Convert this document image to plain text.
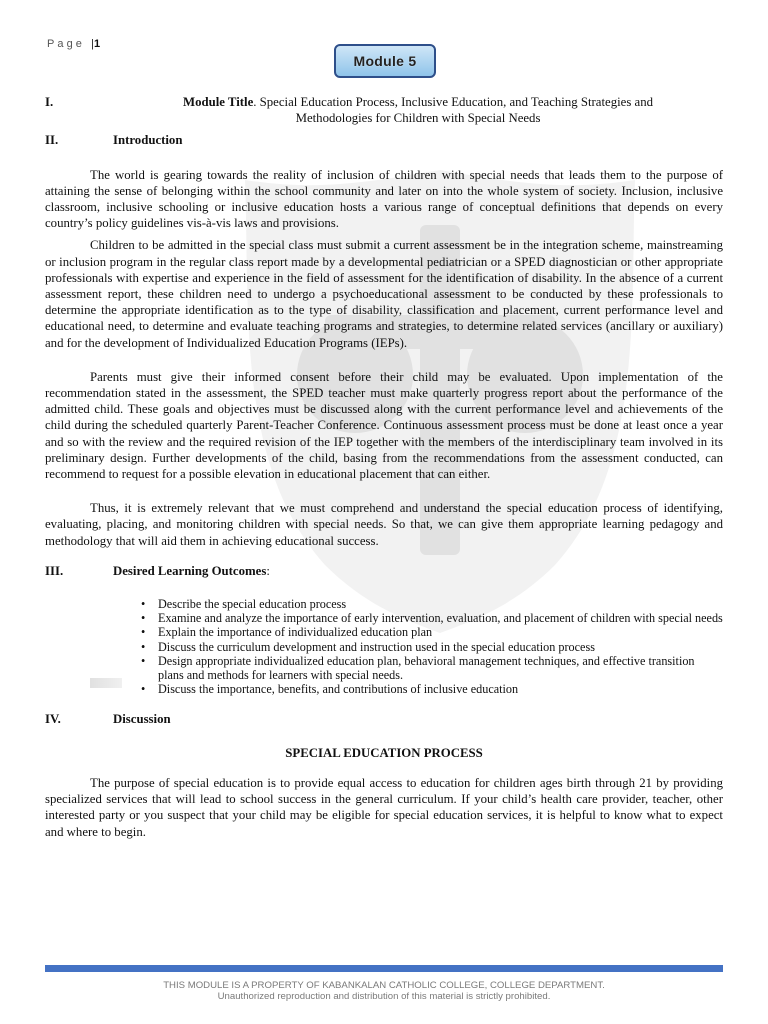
Page |1
Module 5
I.	Module Title. Special Education Process, Inclusive Education, and Teaching Strategies and
Methodologies for Children with Special Needs
II.	Introduction

The world is gearing towards the reality of inclusion of children with special needs that leads them to the purpose of attaining the sense of belonging within the school community and later on into the whole system of society. Inclusion, inclusive classroom, inclusive schooling or inclusive education hosts a various range of conceptual definitions that depends on every country’s policy guidelines vis-à-vis laws and provisions.

Children to be admitted in the special class must submit a current assessment be in the integration scheme, mainstreaming or inclusion program in the regular class report made by a developmental pediatrician or a SPED diagnostician or other appropriate professionals with expertise and experience in the field of assessment for the identification of disability. In the absence of a current assessment report, these children need to undergo a psychoeducational assessment to be conducted by these professionals to determine the appropriate identification as to the type of disability, classification and placement, current performance level and educational need, to determine and evaluate teaching programs and strategies, to determine related services (ancillary or auxiliary) and for the development of Individualized Education Programs (IEPs).

Parents must give their informed consent before their child may be evaluated. Upon implementation of the recommendation stated in the assessment, the SPED teacher must make quarterly progress report about the performance of the admitted child. These goals and objectives must be discussed along with the current performance level and achievements of the child during the scheduled quarterly Parent-Teacher Conference. Continuous assessment process must be done at least once a year and so with the review and the required revision of the IEP together with the members of the interdisciplinary team involved in its preliminary design. Further developments of the child, basing from the recommendations from the assessment conducted, can recommend to request for a possible elevation in educational placement that can either.

Thus, it is extremely relevant that we must comprehend and understand the special education process of identifying, evaluating, placing, and monitoring children with special needs. So that, we can give them appropriate learning pedagogy and methodology that will aid them in achieving educational success.

III.	Desired Learning Outcomes:
• Describe the special education process
• Examine and analyze the importance of early intervention, evaluation, and placement of children with special needs
• Explain the importance of individualized education plan
• Discuss the curriculum development and instruction used in the special education process
• Design appropriate individualized education plan, behavioral management techniques, and effective transition plans and methods for learners with special needs.
• Discuss the importance, benefits, and contributions of inclusive education
IV.	Discussion
SPECIAL EDUCATION PROCESS

The purpose of special education is to provide equal access to education for children ages birth through 21 by providing specialized services that will lead to school success in the general curriculum. If your child’s health care provider, teacher, other interested party or you suspect that your child may be eligible for special education services, it is helpful to know what to expect and where to begin.

THIS MODULE IS A PROPERTY OF KABANKALAN CATHOLIC COLLEGE, COLLEGE DEPARTMENT.
Unauthorized reproduction and distribution of this material is strictly prohibited.
